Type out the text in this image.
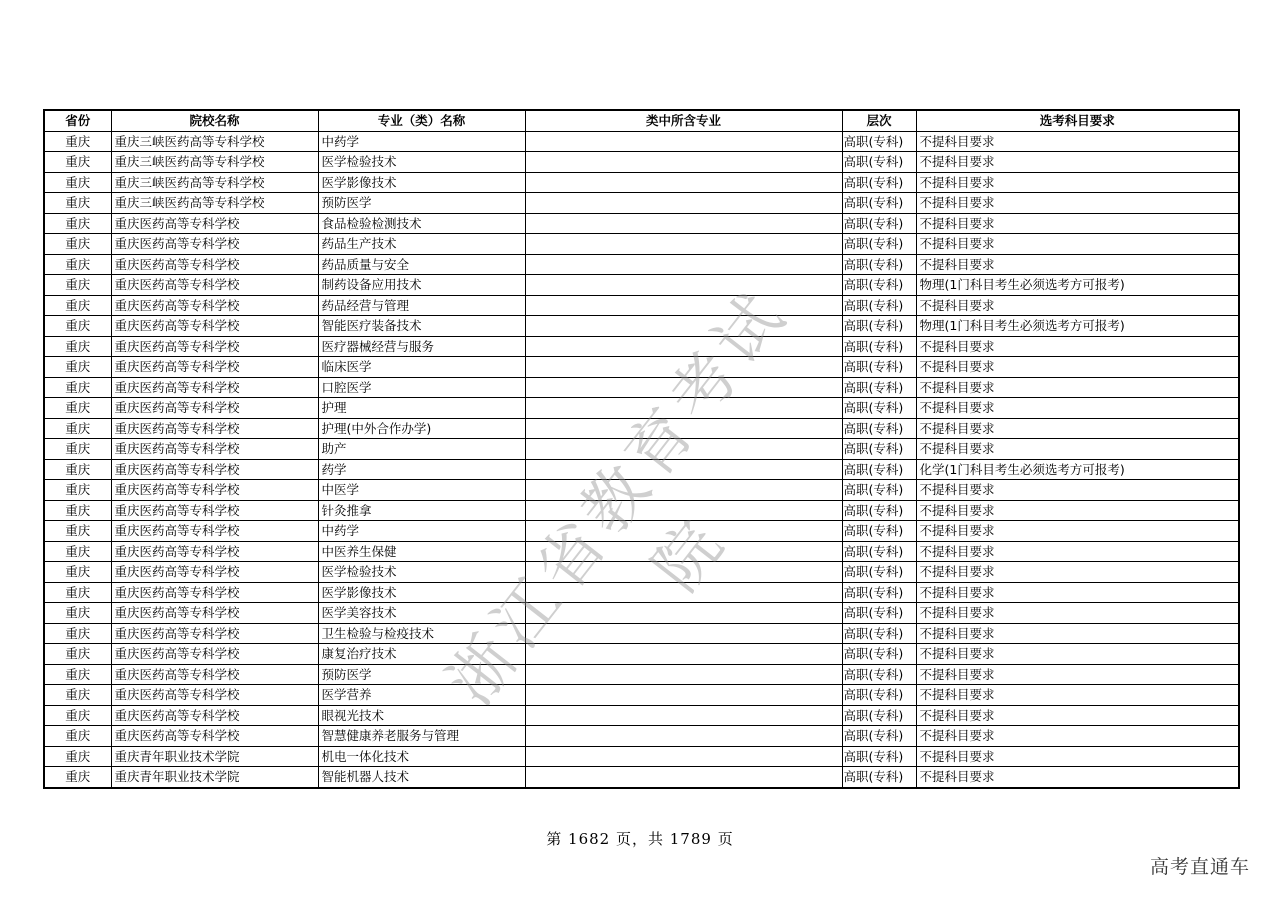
省份	院校名称	专业（类）名称	类中所含专业	层次	选考科目要求
重庆	重庆三峡医药高等专科学校	中药学		高职(专科)	不提科目要求
重庆	重庆三峡医药高等专科学校	医学检验技术		高职(专科)	不提科目要求
重庆	重庆三峡医药高等专科学校	医学影像技术		高职(专科)	不提科目要求
重庆	重庆三峡医药高等专科学校	预防医学		高职(专科)	不提科目要求
重庆	重庆医药高等专科学校	食品检验检测技术		高职(专科)	不提科目要求
重庆	重庆医药高等专科学校	药品生产技术		高职(专科)	不提科目要求
重庆	重庆医药高等专科学校	药品质量与安全		高职(专科)	不提科目要求
重庆	重庆医药高等专科学校	制药设备应用技术		高职(专科)	物理(1门科目考生必须选考方可报考)
重庆	重庆医药高等专科学校	药品经营与管理		高职(专科)	不提科目要求
重庆	重庆医药高等专科学校	智能医疗装备技术		高职(专科)	物理(1门科目考生必须选考方可报考)
重庆	重庆医药高等专科学校	医疗器械经营与服务		高职(专科)	不提科目要求
重庆	重庆医药高等专科学校	临床医学		高职(专科)	不提科目要求
重庆	重庆医药高等专科学校	口腔医学		高职(专科)	不提科目要求
重庆	重庆医药高等专科学校	护理		高职(专科)	不提科目要求
重庆	重庆医药高等专科学校	护理(中外合作办学)		高职(专科)	不提科目要求
重庆	重庆医药高等专科学校	助产		高职(专科)	不提科目要求
重庆	重庆医药高等专科学校	药学		高职(专科)	化学(1门科目考生必须选考方可报考)
重庆	重庆医药高等专科学校	中医学		高职(专科)	不提科目要求
重庆	重庆医药高等专科学校	针灸推拿		高职(专科)	不提科目要求
重庆	重庆医药高等专科学校	中药学		高职(专科)	不提科目要求
重庆	重庆医药高等专科学校	中医养生保健		高职(专科)	不提科目要求
重庆	重庆医药高等专科学校	医学检验技术		高职(专科)	不提科目要求
重庆	重庆医药高等专科学校	医学影像技术		高职(专科)	不提科目要求
重庆	重庆医药高等专科学校	医学美容技术		高职(专科)	不提科目要求
重庆	重庆医药高等专科学校	卫生检验与检疫技术		高职(专科)	不提科目要求
重庆	重庆医药高等专科学校	康复治疗技术		高职(专科)	不提科目要求
重庆	重庆医药高等专科学校	预防医学		高职(专科)	不提科目要求
重庆	重庆医药高等专科学校	医学营养		高职(专科)	不提科目要求
重庆	重庆医药高等专科学校	眼视光技术		高职(专科)	不提科目要求
重庆	重庆医药高等专科学校	智慧健康养老服务与管理		高职(专科)	不提科目要求
重庆	重庆青年职业技术学院	机电一体化技术		高职(专科)	不提科目要求
重庆	重庆青年职业技术学院	智能机器人技术		高职(专科)	不提科目要求
浙江省教育考试院
第 1682 页，共 1789 页
高考直通车
